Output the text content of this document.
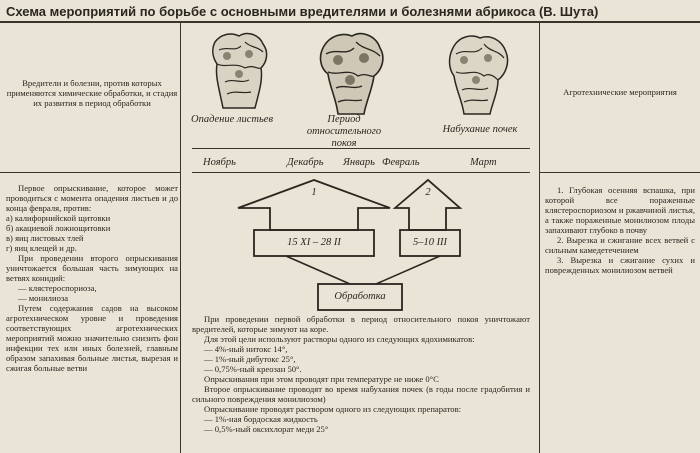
Схема мероприятий по борьбе с основными вредителями и болезнями абрикоса (В. Шута)
Вредители и болезни, против которых применяются химические обработки, и стадия их развития в период обработки
Агротехнические мероприятия
Опадение листьев	Период относительного покоя
Набухание почек
Ноябрь	Декабрь Январь Февраль	Март
1	2
15 XI – 28 II	5–10 III
Обработка

Первое опрыскивание, которое может проводиться с момента опадения листьев и до конца февраля, против:

а) калифорнийской щитовки

б) акациевой ложнощитовки

в) яиц листовых тлей

г) яиц клещей и др.

При проведении второго опрыскивания уничтожается большая часть зимующих на ветвях конидий:

— клястероспориоза,

— монилиоза

Путем содержания садов на высоком агротехническом уровне и проведения соответствующих агротехнических мероприятий можно значительно снизить фон инфекции тех или иных болезней, главным образом запахивая больные листья, вырезая и сжигая больные ветви

1. Глубокая осенняя вспашка, при которой все пораженные клястероспориозом и ржавчиной листья, а также пораженные монилиозом плоды запахивают глубоко в почву

2. Вырезка и сжигание всех ветвей с сильным камедетечением

3. Вырезка и сжигание сухих и поврежденных монилиозом ветвей

При проведении первой обработки в период относительного покоя уничтожают вредителей, которые зимуют на коре.

Для этой цели используют растворы одного из следующих ядохимикатов:

— 4%-ный нитокс 14°,

— 1%-ный дибутокс 25°,

— 0,75%-ный креозан 50°.

Опрыскивания при этом проводят при температуре не ниже 0°С

Второе опрыскивание проводят во время набухания почек (в годы после градобития и сильного повреждения монилиозом)

Опрыскивание проводят раствором одного из следующих препаратов:

— 1%-ная бордоская жидкость

— 0,5%-ный оксихлорат меди 25°
